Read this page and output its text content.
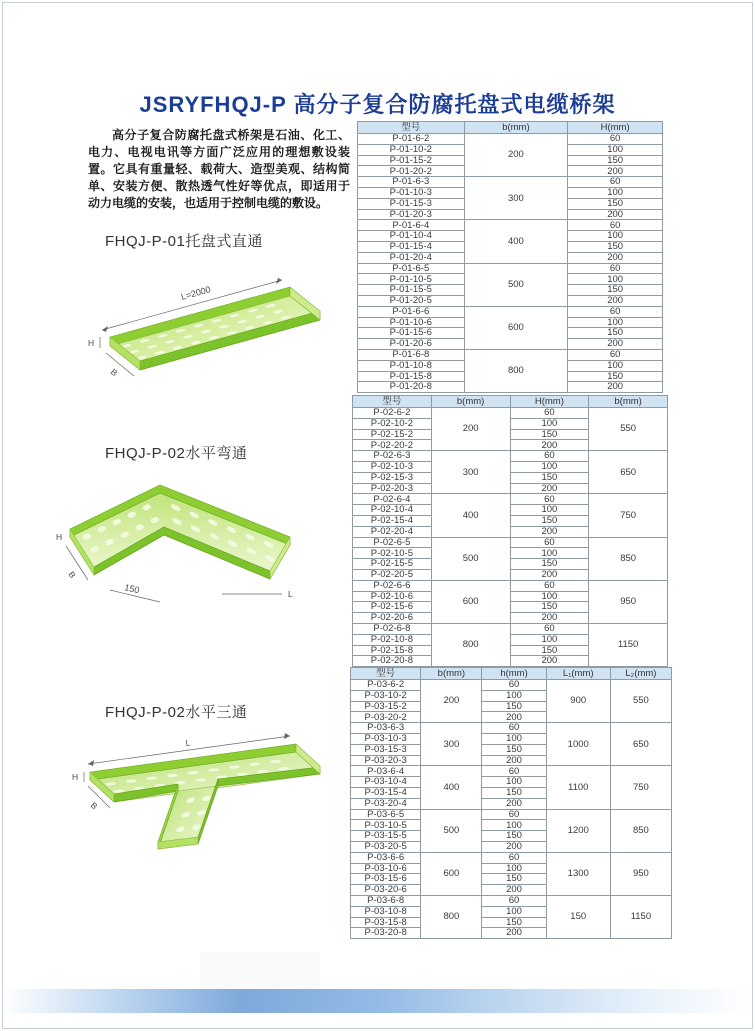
JSRYFHQJ-P 高分子复合防腐托盘式电缆桥架
高分子复合防腐托盘式桥架是石油、化工、电力、电视电讯等方面广泛应用的理想敷设装置。它具有重量轻、载荷大、造型美观、结构简单、安装方便、散热透气性好等优点，即适用于动力电缆的安装，也适用于控制电缆的敷设。
FHQJ-P-01托盘式直通
L=2000
H
B
FHQJ-P-02水平弯通
H
B
150	L
FHQJ-P-02水平三通
L
H
B
型号	b(mm)	H(mm)
P-01-6-2	200	60
P-01-10-2		100
P-01-15-2		150
P-01-20-2		200
P-01-6-3	300	60
P-01-10-3		100
P-01-15-3		150
P-01-20-3		200
P-01-6-4	400	60
P-01-10-4		100
P-01-15-4		150
P-01-20-4		200
P-01-6-5	500	60
P-01-10-5		100
P-01-15-5		150
P-01-20-5		200
P-01-6-6	600	60
P-01-10-6		100
P-01-15-6		150
P-01-20-6		200
P-01-6-8	800	60
P-01-10-8		100
P-01-15-8		150
P-01-20-8		200
型号	b(mm)	H(mm)	b(mm)
P-02-6-2	200	60	550
P-02-10-2		100	
P-02-15-2		150	
P-02-20-2		200	
P-02-6-3	300	60	650
P-02-10-3		100	
P-02-15-3		150	
P-02-20-3		200	
P-02-6-4	400	60	750
P-02-10-4		100	
P-02-15-4		150	
P-02-20-4		200	
P-02-6-5	500	60	850
P-02-10-5		100	
P-02-15-5		150	
P-02-20-5		200	
P-02-6-6	600	60	950
P-02-10-6		100	
P-02-15-6		150	
P-02-20-6		200	
P-02-6-8	800	60	1150
P-02-10-8		100	
P-02-15-8		150	
P-02-20-8		200	
型号	b(mm)	h(mm)	L₁(mm)	L₂(mm)
P-03-6-2	200	60	900	550
P-03-10-2		100		
P-03-15-2		150		
P-03-20-2		200		
P-03-6-3	300	60	1000	650
P-03-10-3		100		
P-03-15-3		150		
P-03-20-3		200		
P-03-6-4	400	60	1100	750
P-03-10-4		100		
P-03-15-4		150		
P-03-20-4		200		
P-03-6-5	500	60	1200	850
P-03-10-5		100		
P-03-15-5		150		
P-03-20-5		200		
P-03-6-6	600	60	1300	950
P-03-10-6		100		
P-03-15-6		150		
P-03-20-6		200		
P-03-6-8	800	60	150	1150
P-03-10-8		100		
P-03-15-8		150		
P-03-20-8		200		
